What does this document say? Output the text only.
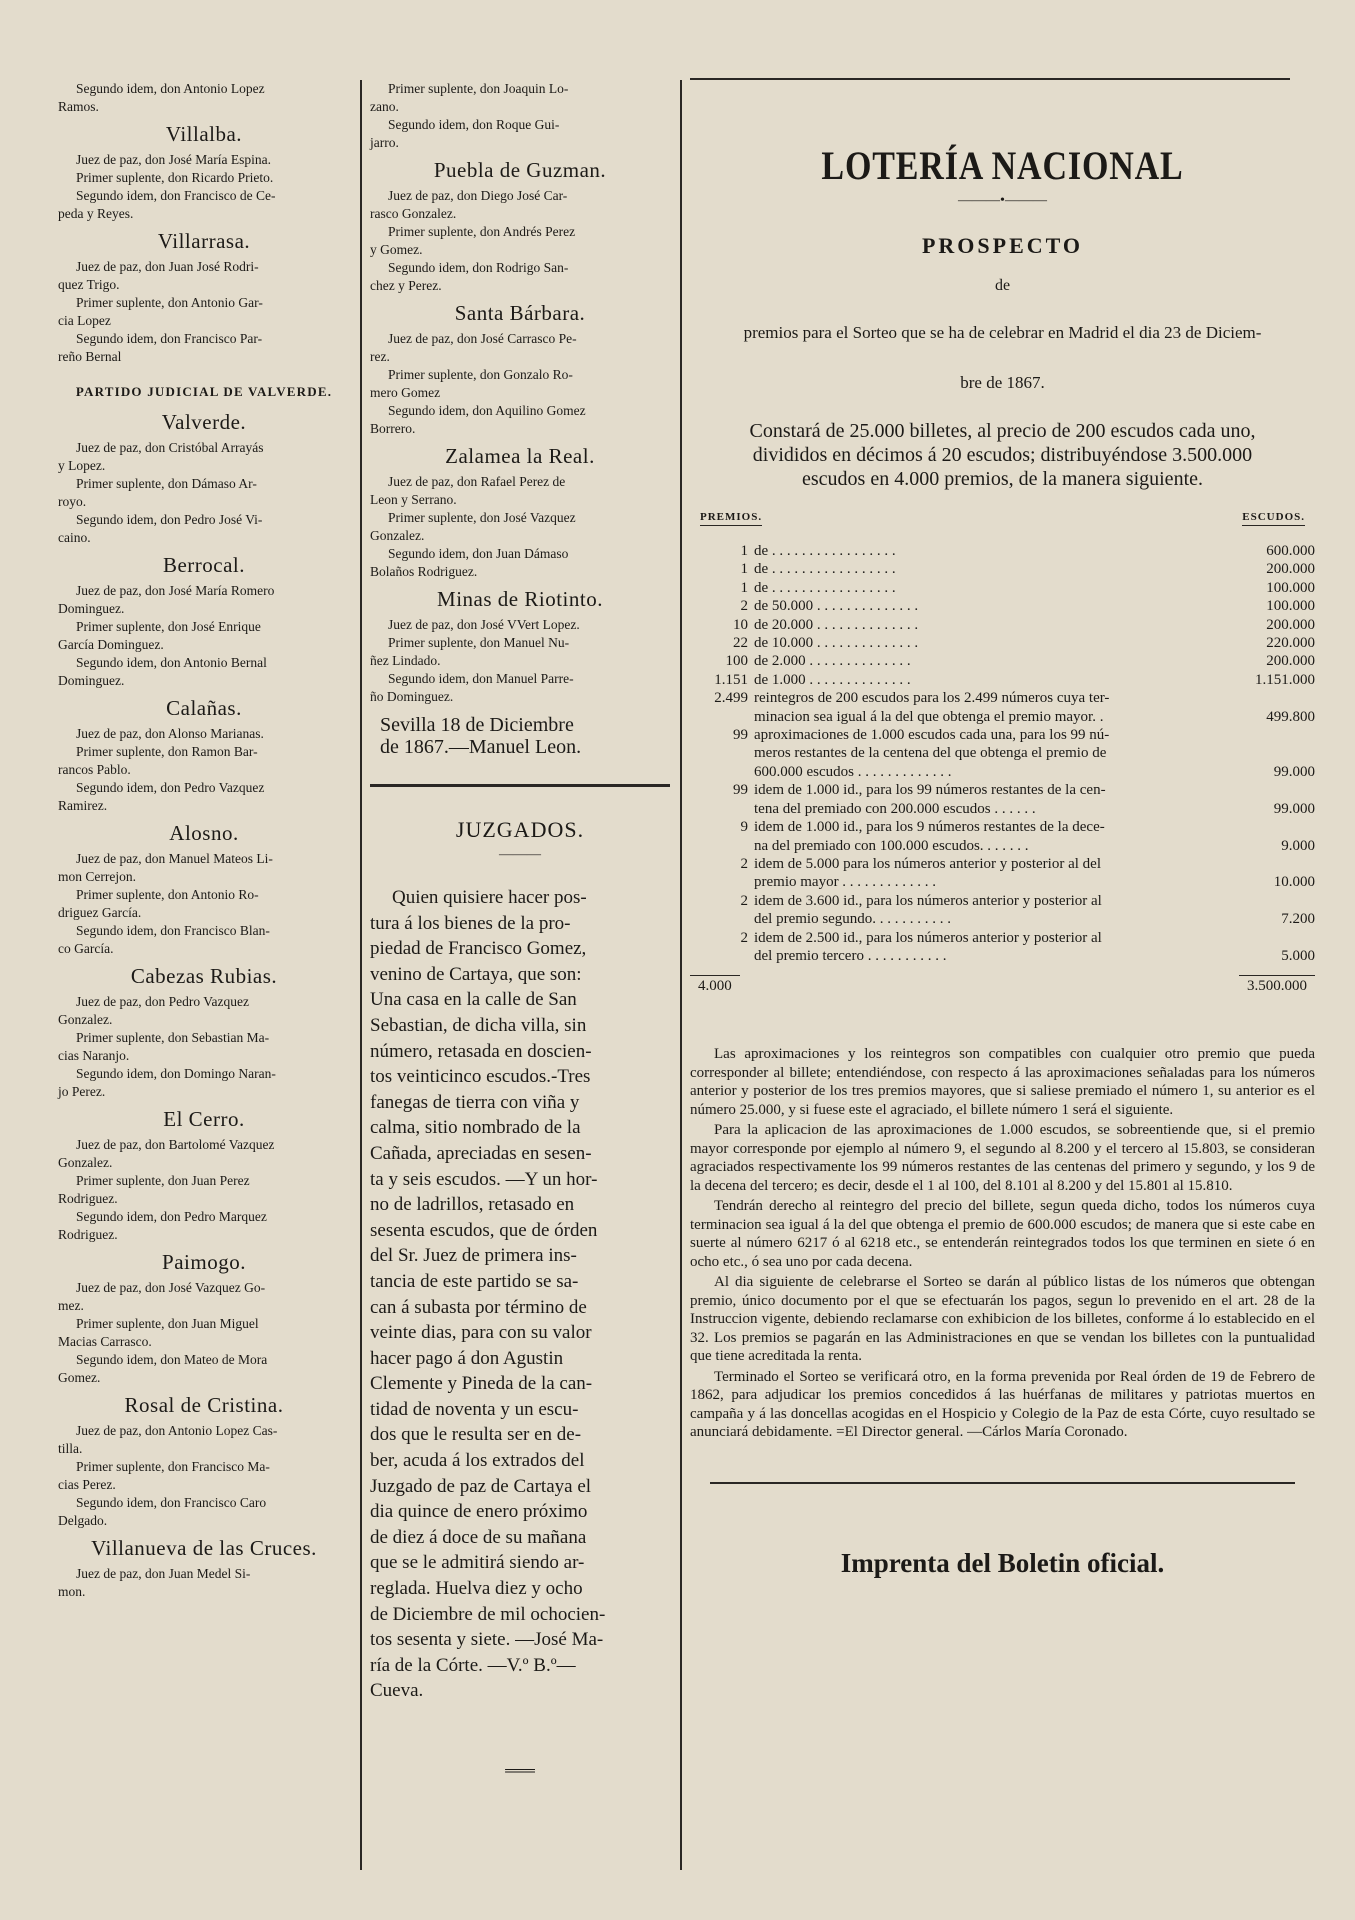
Segundo idem, don Antonio Lopez
Ramos.
Villalba.
Juez de paz, don José María Espina.
Primer suplente, don Ricardo Prieto.
Segundo idem, don Francisco de Ce-
peda y Reyes.
Villarrasa.
Juez de paz, don Juan José Rodri-
quez Trigo.
Primer suplente, don Antonio Gar-
cia Lopez
Segundo idem, don Francisco Par-
reño Bernal
PARTIDO JUDICIAL DE VALVERDE.
Valverde.
Juez de paz, don Cristóbal Arrayás
y Lopez.
Primer suplente, don Dámaso Ar-
royo.
Segundo idem, don Pedro José Vi-
caino.
Berrocal.
Juez de paz, don José María Romero
Dominguez.
Primer suplente, don José Enrique
García Dominguez.
Segundo idem, don Antonio Bernal
Dominguez.
Calañas.
Juez de paz, don Alonso Marianas.
Primer suplente, don Ramon Bar-
rancos Pablo.
Segundo idem, don Pedro Vazquez
Ramirez.
Alosno.
Juez de paz, don Manuel Mateos Li-
mon Cerrejon.
Primer suplente, don Antonio Ro-
driguez García.
Segundo idem, don Francisco Blan-
co García.
Cabezas Rubias.
Juez de paz, don Pedro Vazquez
Gonzalez.
Primer suplente, don Sebastian Ma-
cias Naranjo.
Segundo idem, don Domingo Naran-
jo Perez.
El Cerro.
Juez de paz, don Bartolomé Vazquez
Gonzalez.
Primer suplente, don Juan Perez
Rodriguez.
Segundo idem, don Pedro Marquez
Rodriguez.
Paimogo.
Juez de paz, don José Vazquez Go-
mez.
Primer suplente, don Juan Miguel
Macias Carrasco.
Segundo idem, don Mateo de Mora
Gomez.
Rosal de Cristina.
Juez de paz, don Antonio Lopez Cas-
tilla.
Primer suplente, don Francisco Ma-
cias Perez.
Segundo idem, don Francisco Caro
Delgado.
Villanueva de las Cruces.
Juez de paz, don Juan Medel Si-
mon.
Primer suplente, don Joaquin Lo-
zano.
Segundo idem, don Roque Gui-
jarro.
Puebla de Guzman.
Juez de paz, don Diego José Car-
rasco Gonzalez.
Primer suplente, don Andrés Perez
y Gomez.
Segundo idem, don Rodrigo San-
chez y Perez.
Santa Bárbara.
Juez de paz, don José Carrasco Pe-
rez.
Primer suplente, don Gonzalo Ro-
mero Gomez
Segundo idem, don Aquilino Gomez
Borrero.
Zalamea la Real.
Juez de paz, don Rafael Perez de
Leon y Serrano.
Primer suplente, don José Vazquez
Gonzalez.
Segundo idem, don Juan Dámaso
Bolaños Rodriguez.
Minas de Riotinto.
Juez de paz, don José VVert Lopez.
Primer suplente, don Manuel Nu-
ñez Lindado.
Segundo idem, don Manuel Parre-
ño Dominguez.
Sevilla 18 de Diciembre
de 1867.—Manuel Leon.
JUZGADOS.
———
Quien quisiere hacer pos-
tura á los bienes de la pro-
piedad de Francisco Gomez,
venino de Cartaya, que son:
Una casa en la calle de San
Sebastian, de dicha villa, sin
número, retasada en doscien-
tos veinticinco escudos.-Tres
fanegas de tierra con viña y
calma, sitio nombrado de la
Cañada, apreciadas en sesen-
ta y seis escudos. —Y un hor-
no de ladrillos, retasado en
sesenta escudos, que de órden
del Sr. Juez de primera ins-
tancia de este partido se sa-
can á subasta por término de
veinte dias, para con su valor
hacer pago á don Agustin
Clemente y Pineda de la can-
tidad de noventa y un escu-
dos que le resulta ser en de-
ber, acuda á los extrados del
Juzgado de paz de Cartaya el
dia quince de enero próximo
de diez á doce de su mañana
que se le admitirá siendo ar-
reglada. Huelva diez y ocho
de Diciembre de mil ochocien-
tos sesenta y siete. —José Ma-
ría de la Córte. —V.º B.º—
Cueva.
═══
LOTERÍA NACIONAL
———•———
PROSPECTO
de
premios para el Sorteo que se ha de celebrar en Madrid el dia 23 de Diciem-
bre de 1867.
Constará de 25.000 billetes, al precio de 200 escudos cada uno,
divididos en décimos á 20 escudos; distribuyéndose 3.500.000
escudos en 4.000 premios, de la manera siguiente.
PREMIOS.	ESCUDOS.
1	de . . . . . . . . . . . . . . . . .	600.000
1	de . . . . . . . . . . . . . . . . .	200.000
1	de . . . . . . . . . . . . . . . . .	100.000
2	de 50.000 . . . . . . . . . . . . . .	100.000
10	de 20.000 . . . . . . . . . . . . . .	200.000
22	de 10.000 . . . . . . . . . . . . . .	220.000
100	de 2.000 . . . . . . . . . . . . . .	200.000
1.151	de 1.000 . . . . . . . . . . . . . .	1.151.000
2.499	reintegros de 200 escudos para los 2.499 números cuya ter-
minacion sea igual á la del que obtenga el premio mayor. .	499.800
99	aproximaciones de 1.000 escudos cada una, para los 99 nú-
meros restantes de la centena del que obtenga el premio de
600.000 escudos . . . . . . . . . . . . .	99.000
99	idem de 1.000 id., para los 99 números restantes de la cen-
tena del premiado con 200.000 escudos . . . . . .	99.000
9	idem de 1.000 id., para los 9 números restantes de la dece-
na del premiado con 100.000 escudos. . . . . . .	9.000
2	idem de 5.000 para los números anterior y posterior al del
premio mayor . . . . . . . . . . . . .	10.000
2	idem de 3.600 id., para los números anterior y posterior al
del premio segundo. . . . . . . . . . .	7.200
2	idem de 2.500 id., para los números anterior y posterior al
del premio tercero . . . . . . . . . . .	5.000
4.000	3.500.000

Las aproximaciones y los reintegros son compatibles con cualquier otro premio que pueda corresponder al billete; entendiéndose, con respecto á las aproximaciones señaladas para los números anterior y posterior de los tres premios mayores, que si saliese premiado el número 1, su anterior es el número 25.000, y si fuese este el agraciado, el billete número 1 será el siguiente.

Para la aplicacion de las aproximaciones de 1.000 escudos, se sobreentiende que, si el premio mayor corresponde por ejemplo al número 9, el segundo al 8.200 y el tercero al 15.803, se consideran agraciados respectivamente los 99 números restantes de las centenas del primero y segundo, y los 9 de la decena del tercero; es decir, desde el 1 al 100, del 8.101 al 8.200 y del 15.801 al 15.810.

Tendrán derecho al reintegro del precio del billete, segun queda dicho, todos los números cuya terminacion sea igual á la del que obtenga el premio de 600.000 escudos; de manera que si este cabe en suerte al número 6217 ó al 6218 etc., se entenderán reintegrados todos los que terminen en siete ó en ocho etc., ó sea uno por cada decena.

Al dia siguiente de celebrarse el Sorteo se darán al público listas de los números que obtengan premio, único documento por el que se efectuarán los pagos, segun lo prevenido en el art. 28 de la Instruccion vigente, debiendo reclamarse con exhibicion de los billetes, conforme á lo establecido en el 32. Los premios se pagarán en las Administraciones en que se vendan los billetes con la puntualidad que tiene acreditada la renta.

Terminado el Sorteo se verificará otro, en la forma prevenida por Real órden de 19 de Febrero de 1862, para adjudicar los premios concedidos á las huérfanas de militares y patriotas muertos en campaña y á las doncellas acogidas en el Hospicio y Colegio de la Paz de esta Córte, cuyo resultado se anunciará debidamente. =El Director general. —Cárlos María Coronado.

Imprenta del Boletin oficial.
